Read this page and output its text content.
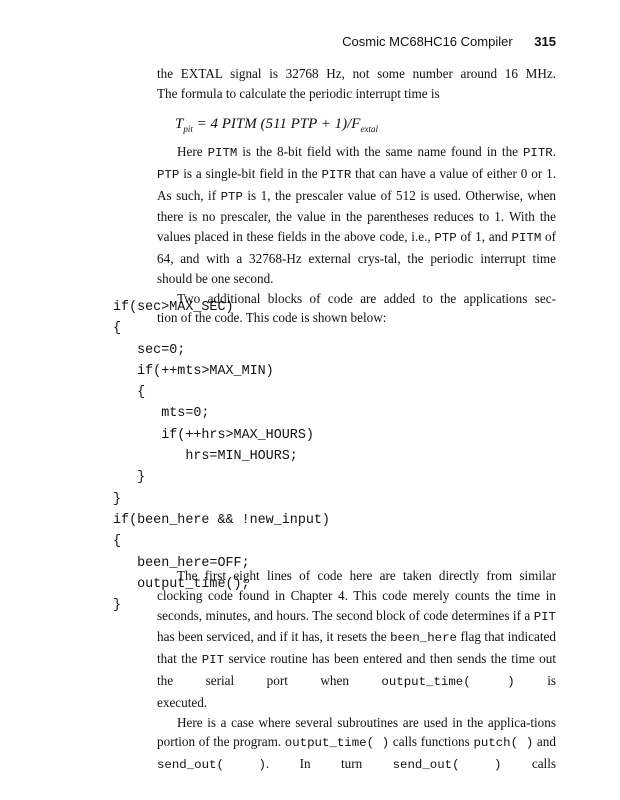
Cosmic MC68HC16 Compiler 315

the EXTAL signal is 32768 Hz, not some number around 16 MHz.

The formula to calculate the periodic interrupt time is

$T_{pit} = 4$ PITM (511 PTP + $1)/F_{extal}$

Here PITM is the 8-bit field with the same name found in the PITR. PTP is a single-bit field in the PITR that can have a value of either 0 or 1. As such, if PTP is 1, the prescaler value of 512 is used. Otherwise, when there is no prescaler, the value in the parentheses reduces to 1. With the values placed in these fields in the above code, i.e., PTP of 1, and PITM of 64, and with a 32768-Hz external crys-tal, the periodic interrupt time should be one second.

Two additional blocks of code are added to the applications sec-

tion of the code. This code is shown below:

if(sec>MAX_SEC)
{
sec=0;
if(++mts>MAX_MIN)
{
mts=0;
if(++hrs>MAX_HOURS)
hrs=MIN_HOURS;
}
}
if(been_here && !new_input)
{
been_here=OFF;
output_time();
}

The first eight lines of code here are taken directly from similar clocking code found in Chapter 4. This code merely counts the time in seconds, minutes, and hours. The second block of code determines if a PIT has been serviced, and if it has, it resets the been_here flag that indicated that the PIT service routine has been entered and then sends the time out the serial port when output_time( ) is

executed.

Here is a case where several subroutines are used in the applica-tions portion of the program. output_time( ) calls functions putch( ) and send_out( ). In turn send_out( ) calls
